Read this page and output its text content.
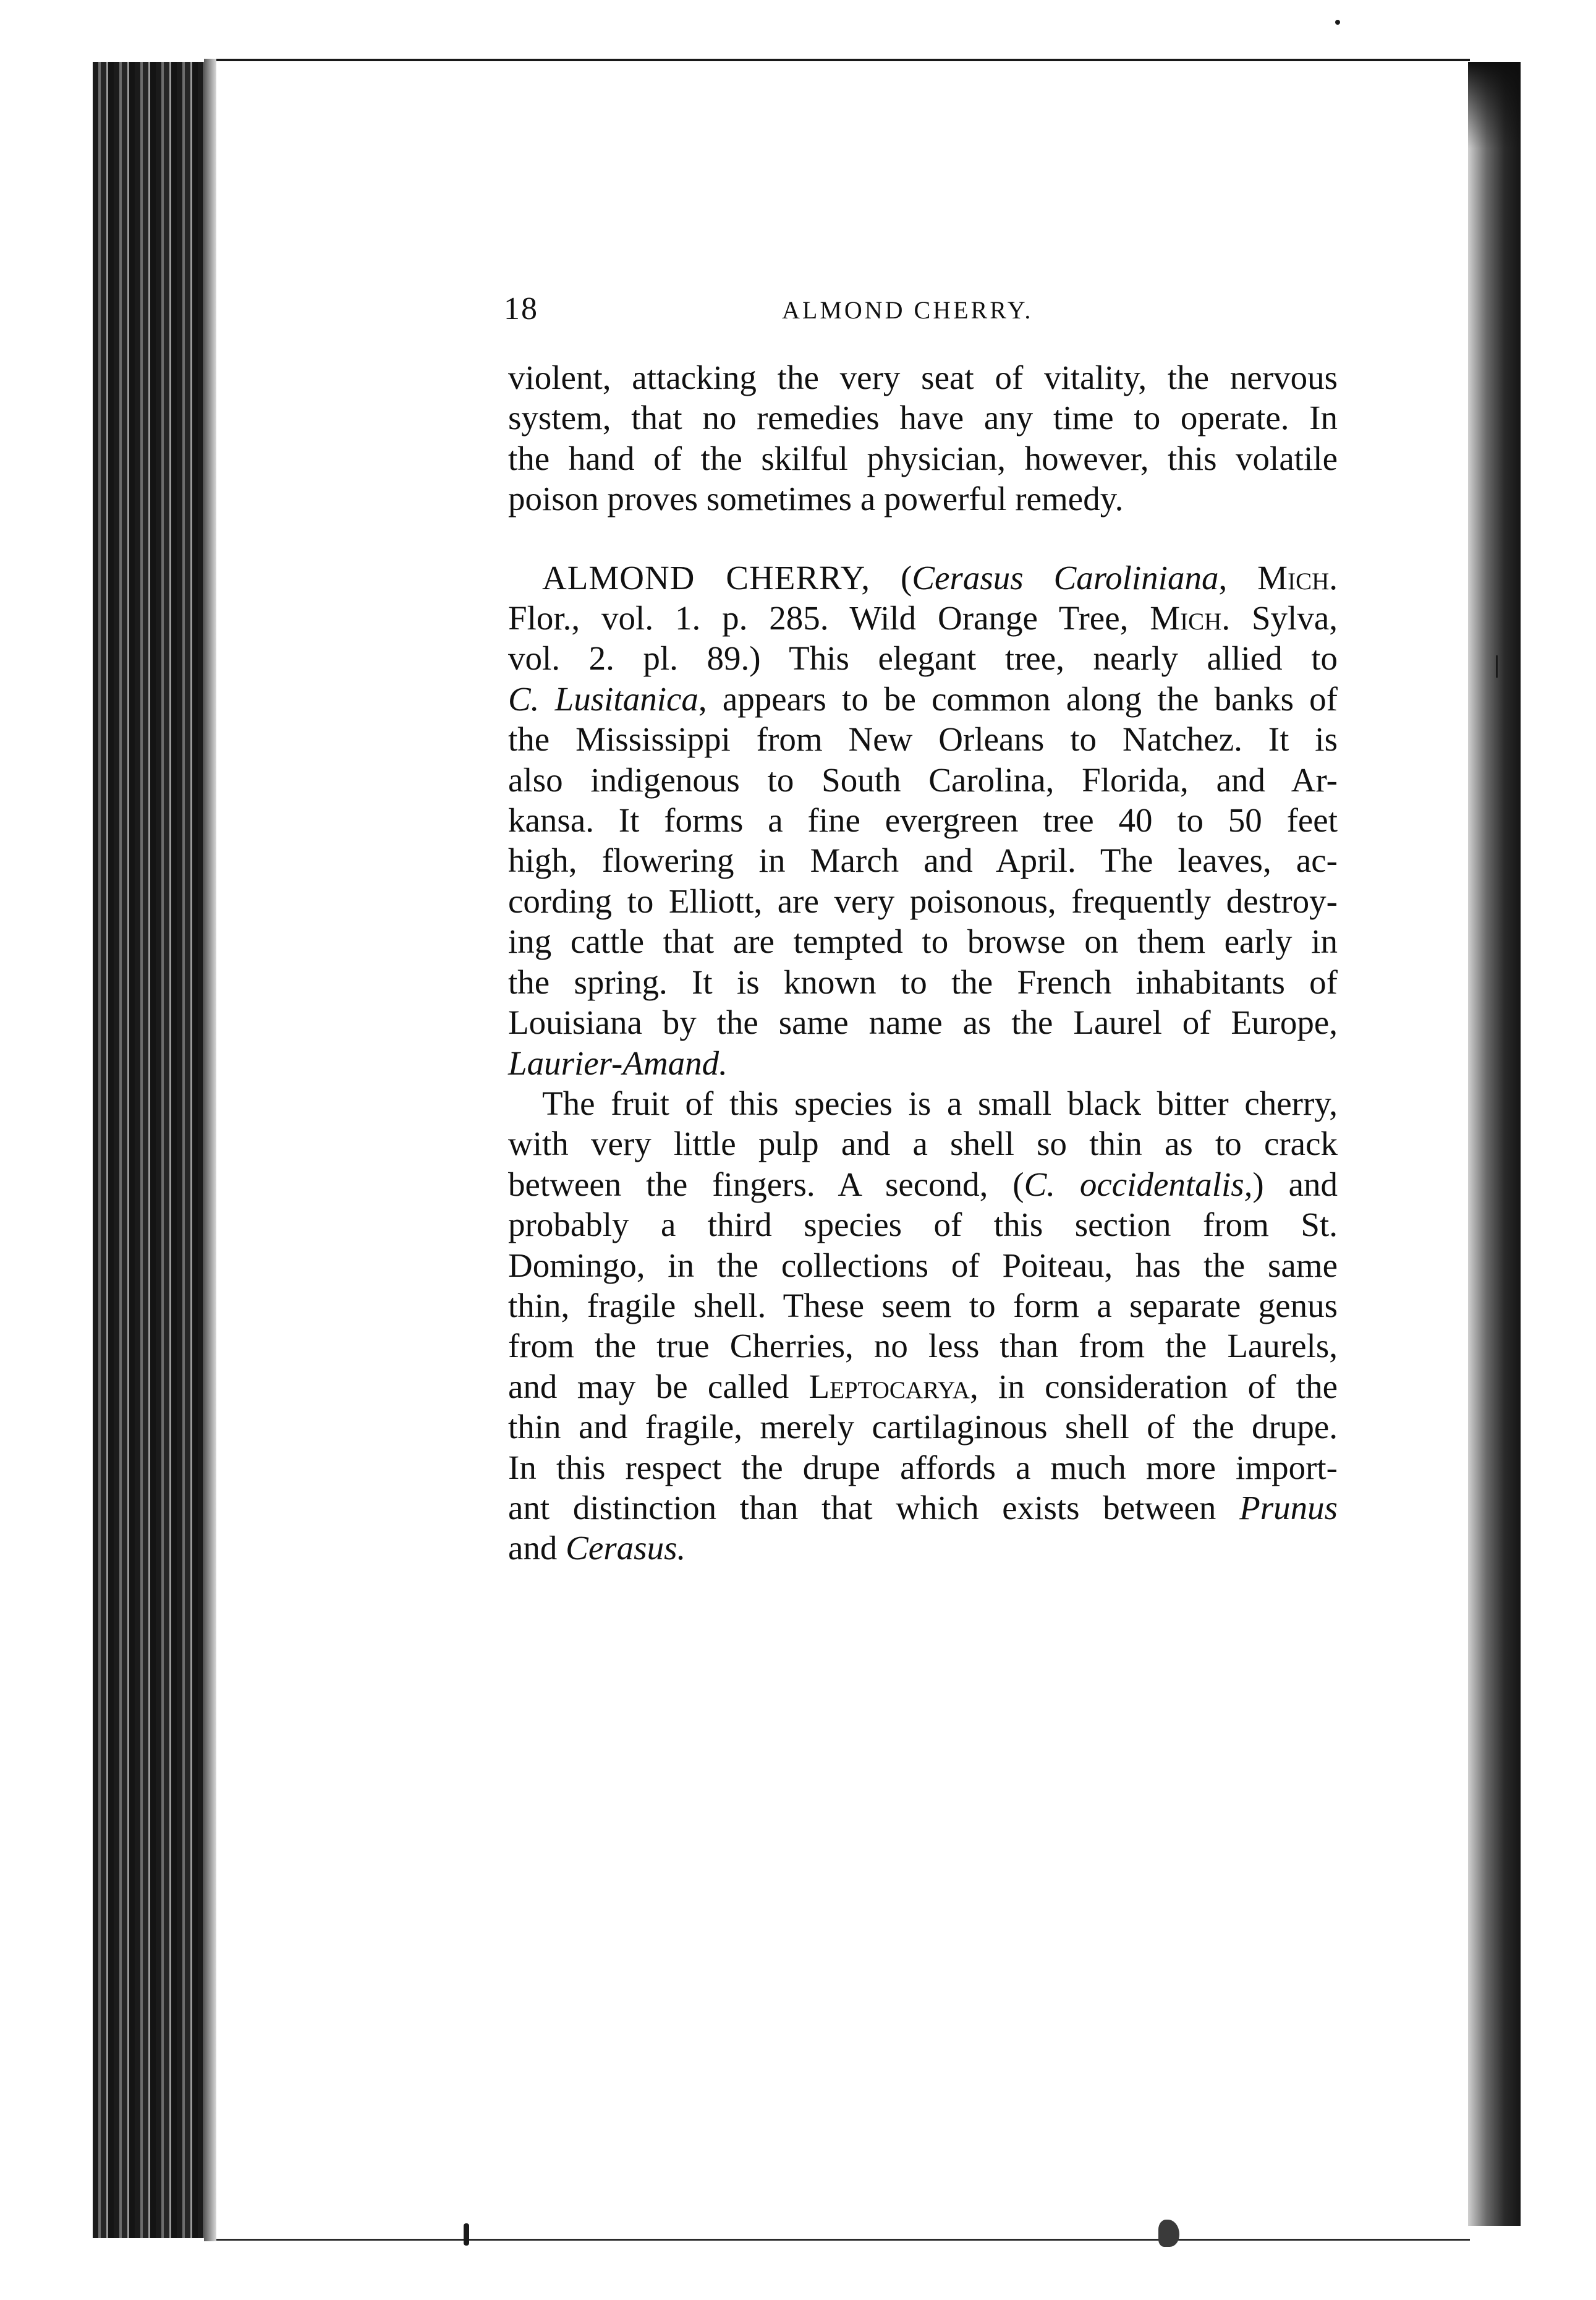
18	ALMOND CHERRY.
violent, attacking the very seat of vitality, the nervous
system, that no remedies have any time to operate. In
the hand of the skilful physician, however, this volatile
poison proves sometimes a powerful remedy.
ALMOND CHERRY, (Cerasus Caroliniana, Mich.
Flor., vol. 1. p. 285. Wild Orange Tree, Mich. Sylva,
vol. 2. pl. 89.) This elegant tree, nearly allied to
C. Lusitanica, appears to be common along the banks of
the Mississippi from New Orleans to Natchez. It is
also indigenous to South Carolina, Florida, and Ar-
kansa. It forms a fine evergreen tree 40 to 50 feet
high, flowering in March and April. The leaves, ac-
cording to Elliott, are very poisonous, frequently destroy-
ing cattle that are tempted to browse on them early in
the spring. It is known to the French inhabitants of
Louisiana by the same name as the Laurel of Europe,
Laurier-Amand.
The fruit of this species is a small black bitter cherry,
with very little pulp and a shell so thin as to crack
between the fingers. A second, (C. occidentalis,) and
probably a third species of this section from St.
Domingo, in the collections of Poiteau, has the same
thin, fragile shell. These seem to form a separate genus
from the true Cherries, no less than from the Laurels,
and may be called Leptocarya, in consideration of the
thin and fragile, merely cartilaginous shell of the drupe.
In this respect the drupe affords a much more import-
ant distinction than that which exists between Prunus
and Cerasus.
